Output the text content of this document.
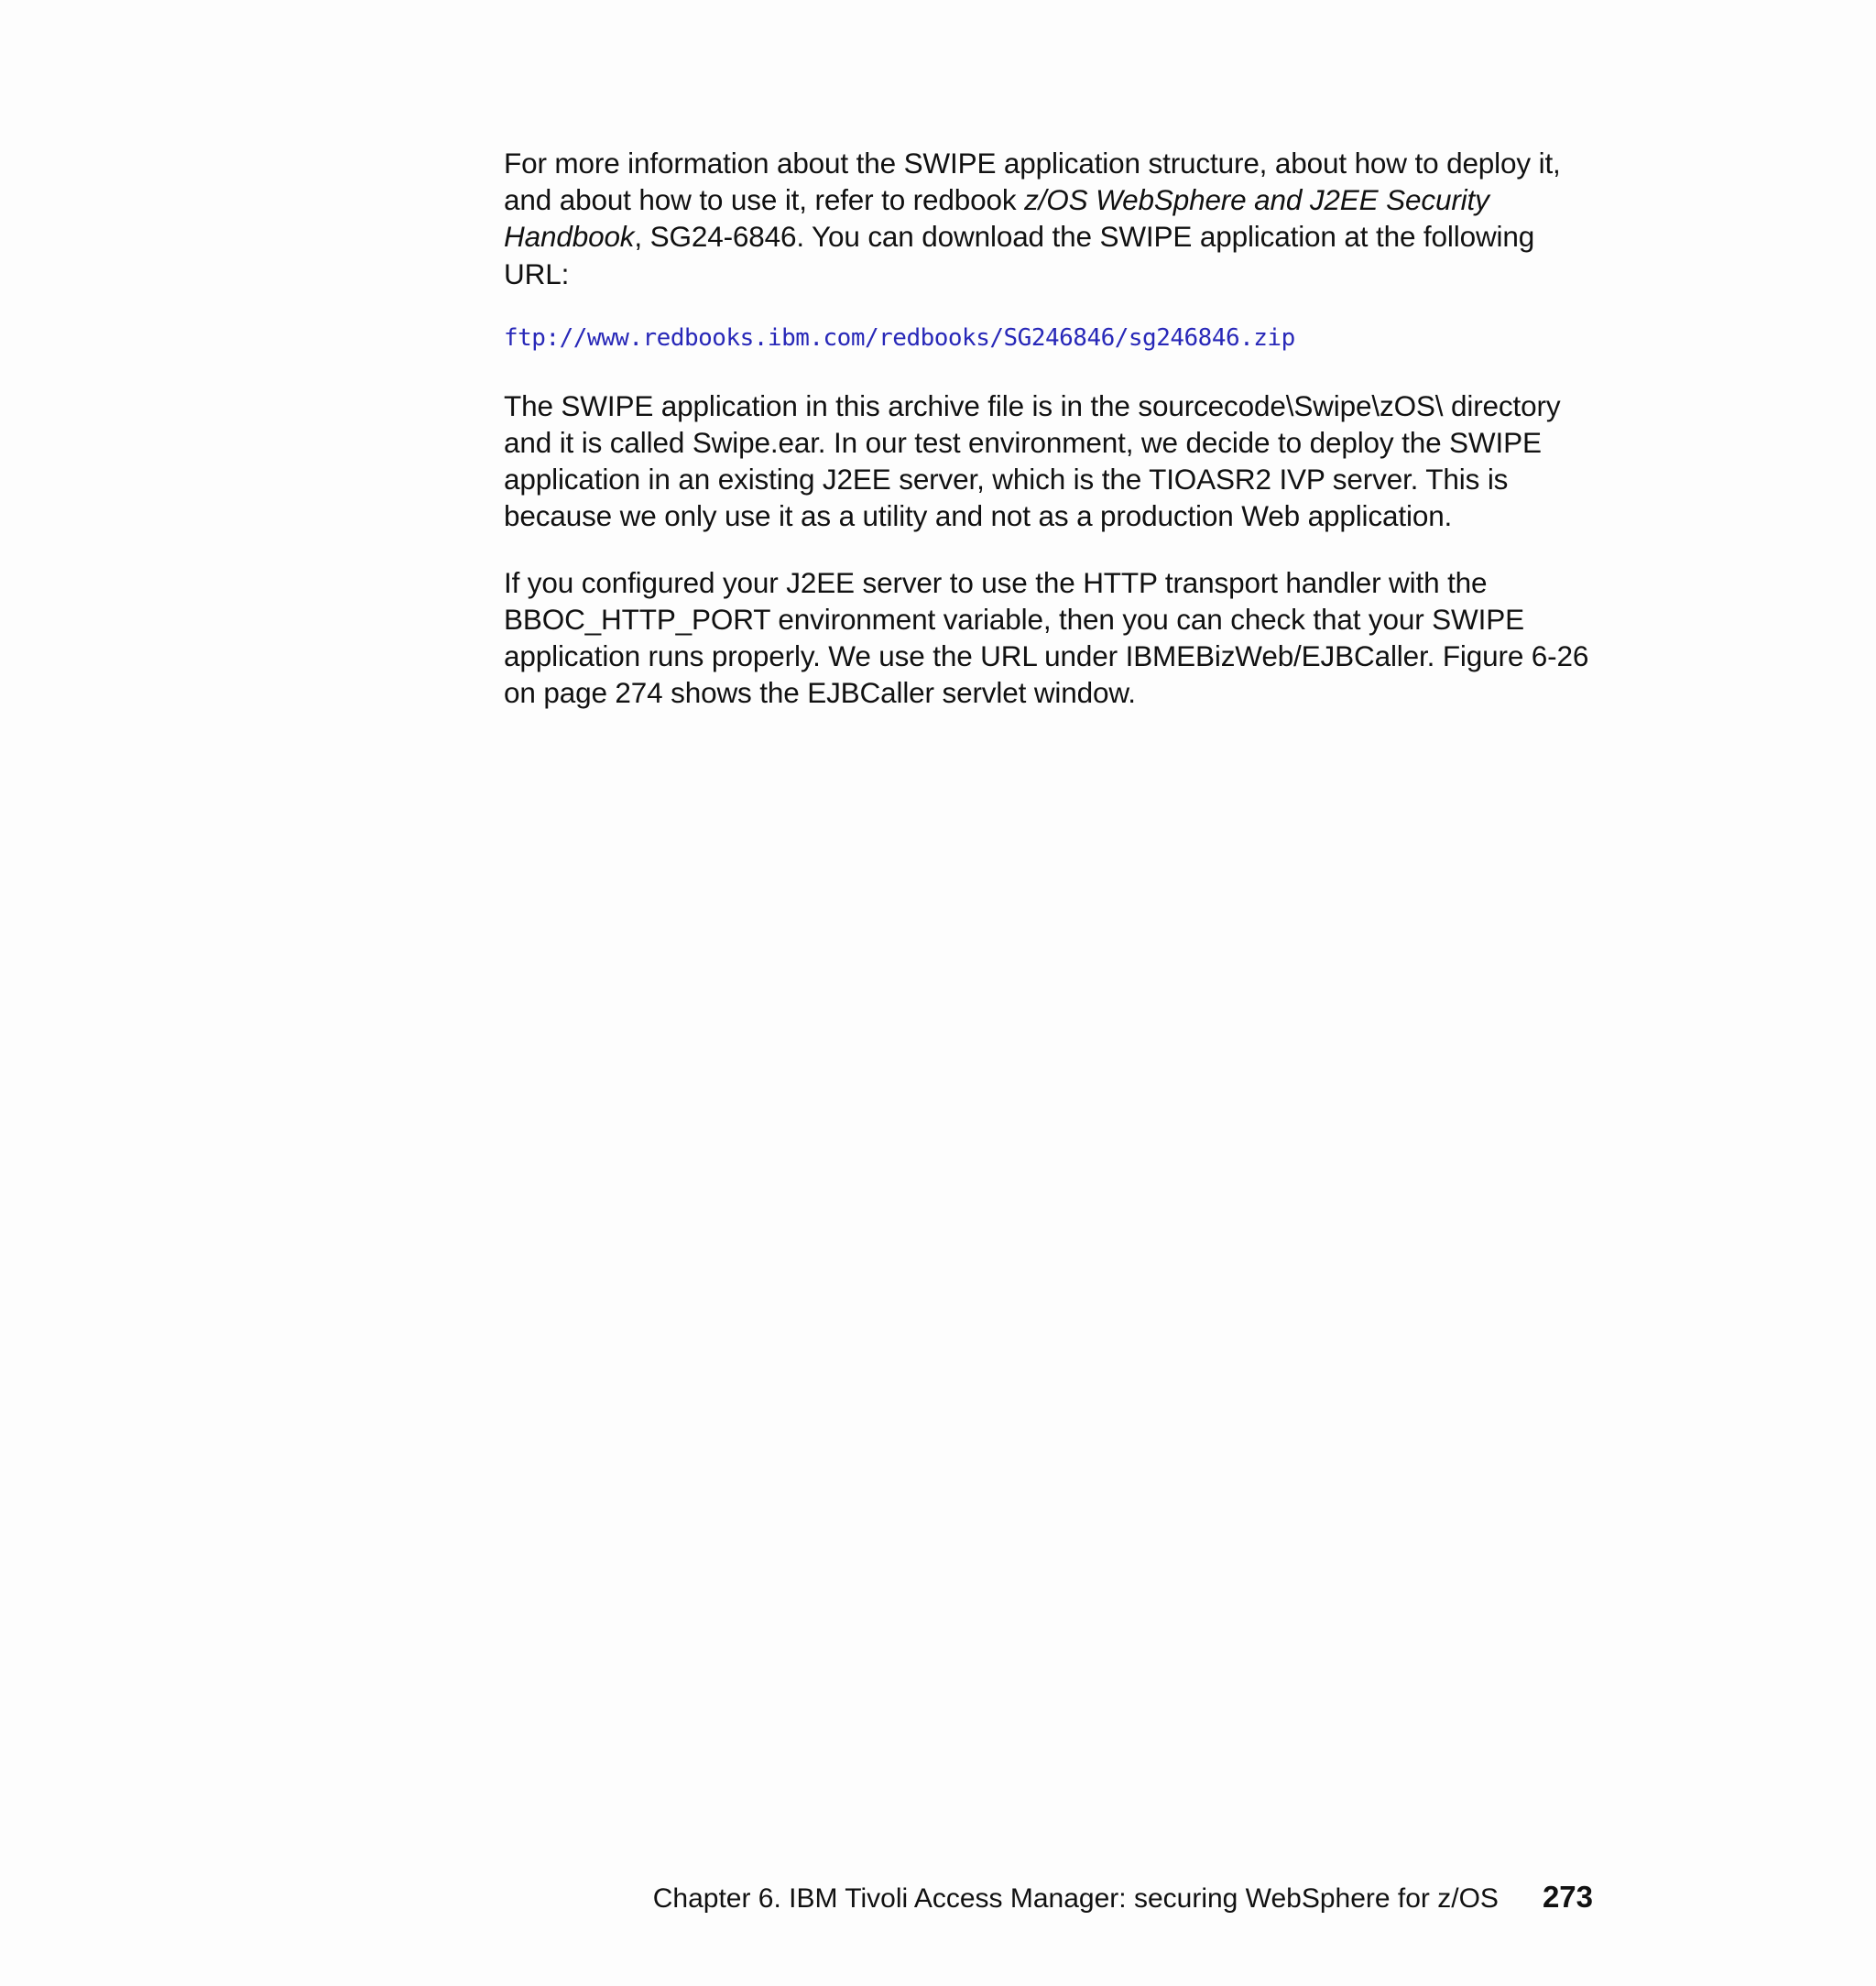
For more information about the SWIPE application structure, about how to deploy it, and about how to use it, refer to redbook z/OS WebSphere and J2EE Security Handbook, SG24-6846. You can download the SWIPE application at the following URL:

ftp://www.redbooks.ibm.com/redbooks/SG246846/sg246846.zip

The SWIPE application in this archive file is in the sourcecode\Swipe\zOS\ directory and it is called Swipe.ear. In our test environment, we decide to deploy the SWIPE application in an existing J2EE server, which is the TIOASR2 IVP server. This is because we only use it as a utility and not as a production Web application.

If you configured your J2EE server to use the HTTP transport handler with the BBOC_HTTP_PORT environment variable, then you can check that your SWIPE application runs properly. We use the URL under IBMEBizWeb/EJBCaller. Figure 6-26 on page 274 shows the EJBCaller servlet window.

Chapter 6. IBM Tivoli Access Manager: securing WebSphere for z/OS 273
